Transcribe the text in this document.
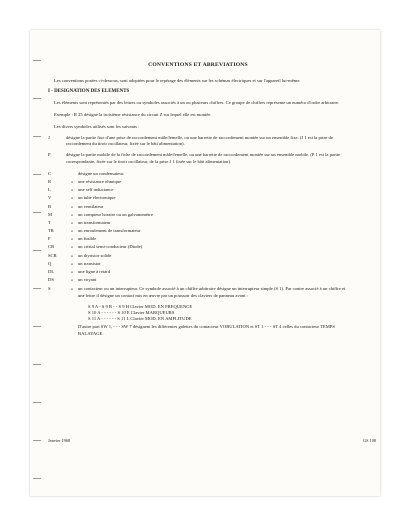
CONVENTIONS ET ABREVIATIONS

Les conventions posées ci-dessous, sont adoptées pour le repérage des éléments sur les schémas électriques et sur l'appareil lui-même.

I - DESIGNATION DES ELEMENTS

Les éléments sont représentés par des lettres ou symboles associés à un ou plusieurs chiffres. Ce groupe de chiffres représente un numéro d'ordre arbitraire.

Exemple : R 25 désigne la troisième résistance du circuit Z sur lequel elle est montée.

Les divers symboles utilisés sont les suivants :

J	désigne la partie fixe d'une prise de raccordement mâle/femelle, ou une barrette de raccordement montée sur un ensemble fixe. (J 1 est la prise de raccordement du tiroir oscillateur, fixée sur le bâti alimentation).
P	désigne la partie mobile de la fiche de raccordement mâle/femelle, ou une barrette de raccordement montée sur un ensemble mobile. (P 1 est la partie correspondante, fixée sur le tiroir oscillateur, de la prise J 1 fixée sur le bâti alimentation).
C	désigne un condensateur.
R	»	une résistance ohmique
L	»	une self inductance
V	»	un tube électronique
B	»	un ventilateur
M	»	un compteur horaire ou un galvanomètre
T	»	un transformateur
TR	»	un enroulement de transformateur
F	»	un fusible
CR	»	un cristal semi-conducteur (Diode)
SCR	»	un thyristor solide
Q	»	un transistor
DL	»	une ligne à retard
DS	»	un voyant
S	»	un contacteur ou un interrupteur. Ce symbole associé à un chiffre arbitraire désigne un interrupteur simple (S 1). Par contre associé à un chiffre et une lettre il désigne un contact mis en œuvre par un poussoir des claviers de panneau avant :
S 9 A - S 9 B - - S 9 H Clavier MOD. EN FREQUENCE
S 10 A - - - - - - S 10 E Clavier MARQUEURS
S 11 A - - - - - - S 11 L Clavier MOD. EN AMPLITUDE

D'autre part SW 1, - - - SW 7 désignent les différentes galettes du contacteur VOBULATION et ST 1 - - - ST 4 celles du contacteur TEMPS BALAYAGE.

Janvier 1968	GS 108
